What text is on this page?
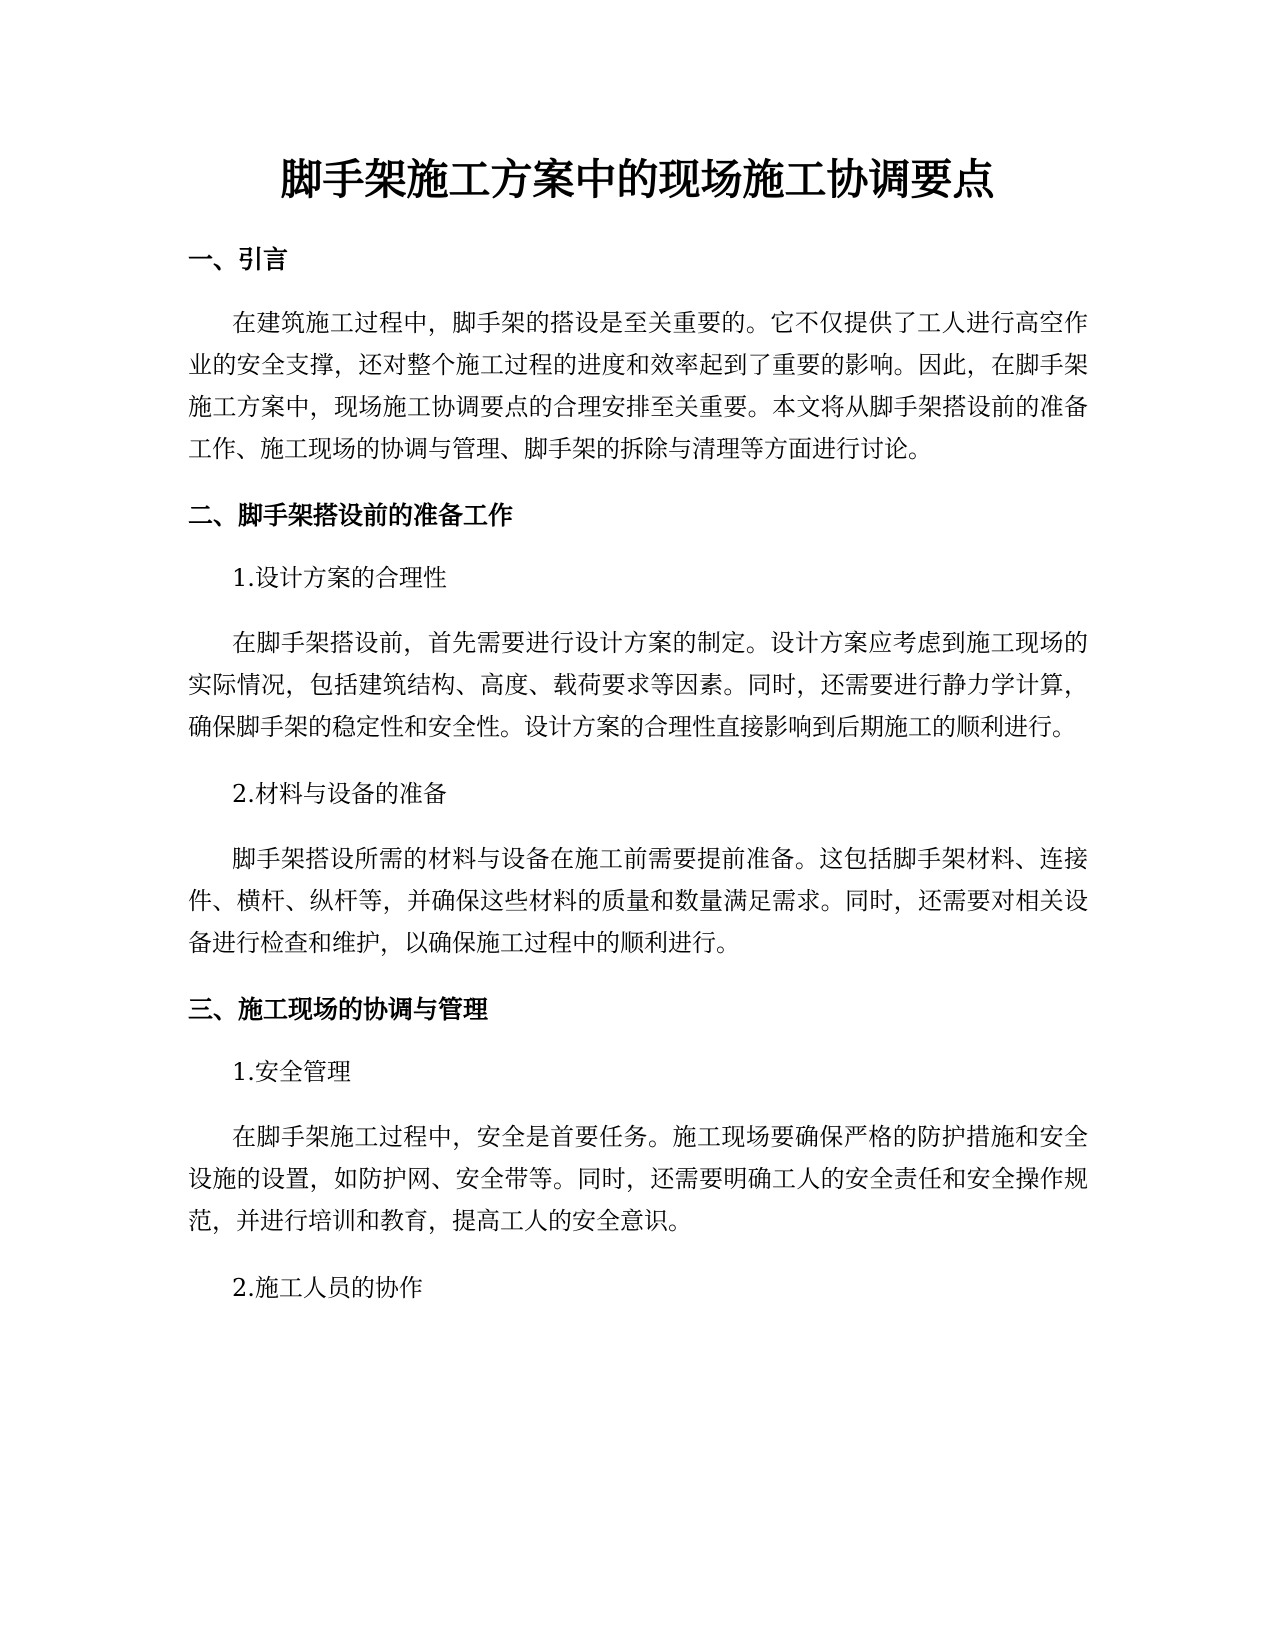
脚手架施工方案中的现场施工协调要点
一、引言

在建筑施工过程中，脚手架的搭设是至关重要的。它不仅提供了工人进行高空作业的安全支撑，还对整个施工过程的进度和效率起到了重要的影响。因此，在脚手架施工方案中，现场施工协调要点的合理安排至关重要。本文将从脚手架搭设前的准备工作、施工现场的协调与管理、脚手架的拆除与清理等方面进行讨论。

二、脚手架搭设前的准备工作

1.设计方案的合理性

在脚手架搭设前，首先需要进行设计方案的制定。设计方案应考虑到施工现场的实际情况，包括建筑结构、高度、载荷要求等因素。同时，还需要进行静力学计算，确保脚手架的稳定性和安全性。设计方案的合理性直接影响到后期施工的顺利进行。

2.材料与设备的准备

脚手架搭设所需的材料与设备在施工前需要提前准备。这包括脚手架材料、连接件、横杆、纵杆等，并确保这些材料的质量和数量满足需求。同时，还需要对相关设备进行检查和维护，以确保施工过程中的顺利进行。

三、施工现场的协调与管理

1.安全管理

在脚手架施工过程中，安全是首要任务。施工现场要确保严格的防护措施和安全设施的设置，如防护网、安全带等。同时，还需要明确工人的安全责任和安全操作规范，并进行培训和教育，提高工人的安全意识。

2.施工人员的协作
